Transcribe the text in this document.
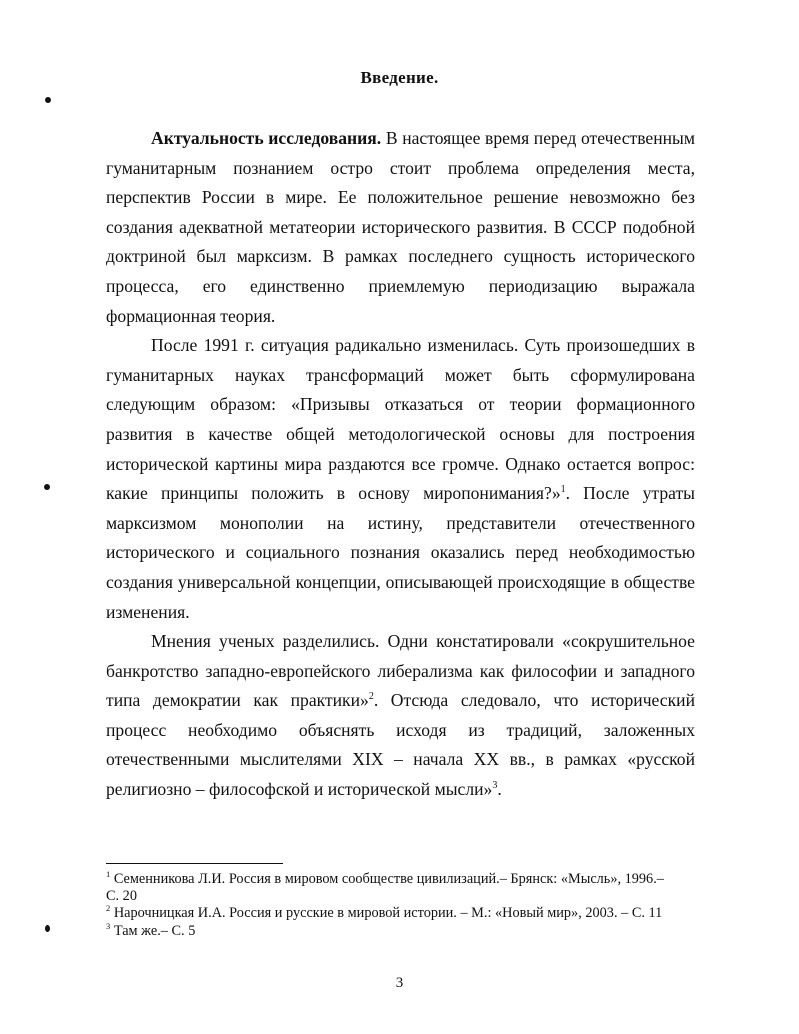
Введение.

Актуальность исследования. В настоящее время перед отечественным гуманитарным познанием остро стоит проблема определения места, перспектив России в мире. Ее положительное решение невозможно без создания адекватной метатеории исторического развития. В СССР подобной доктриной был марксизм. В рамках последнего сущность исторического процесса, его единственно приемлемую периодизацию выражала формационная теория.

После 1991 г. ситуация радикально изменилась. Суть произошедших в гуманитарных науках трансформаций может быть сформулирована следующим образом: «Призывы отказаться от теории формационного развития в качестве общей методологической основы для построения исторической картины мира раздаются все громче. Однако остается вопрос: какие принципы положить в основу миропонимания?»$^1$. После утраты марксизмом монополии на истину, представители отечественного исторического и социального познания оказались перед необходимостью создания универсальной концепции, описывающей происходящие в обществе изменения.

Мнения ученых разделились. Одни констатировали «сокрушительное банкротство западно-европейского либерализма как философии и западного типа демократии как практики»$^2$. Отсюда следовало, что исторический процесс необходимо объяснять исходя из традиций, заложенных отечественными мыслителями XIX – начала XX вв., в рамках «русской религиозно – философской и исторической мысли»$^3$.

$^1$ Семенникова Л.И. Россия в мировом сообществе цивилизаций.– Брянск: «Мысль», 1996.– С. 20
$^2$ Нарочницкая И.А. Россия и русские в мировой истории. – М.: «Новый мир», 2003. – С. 11
$^3$ Там же.– С. 5
3
